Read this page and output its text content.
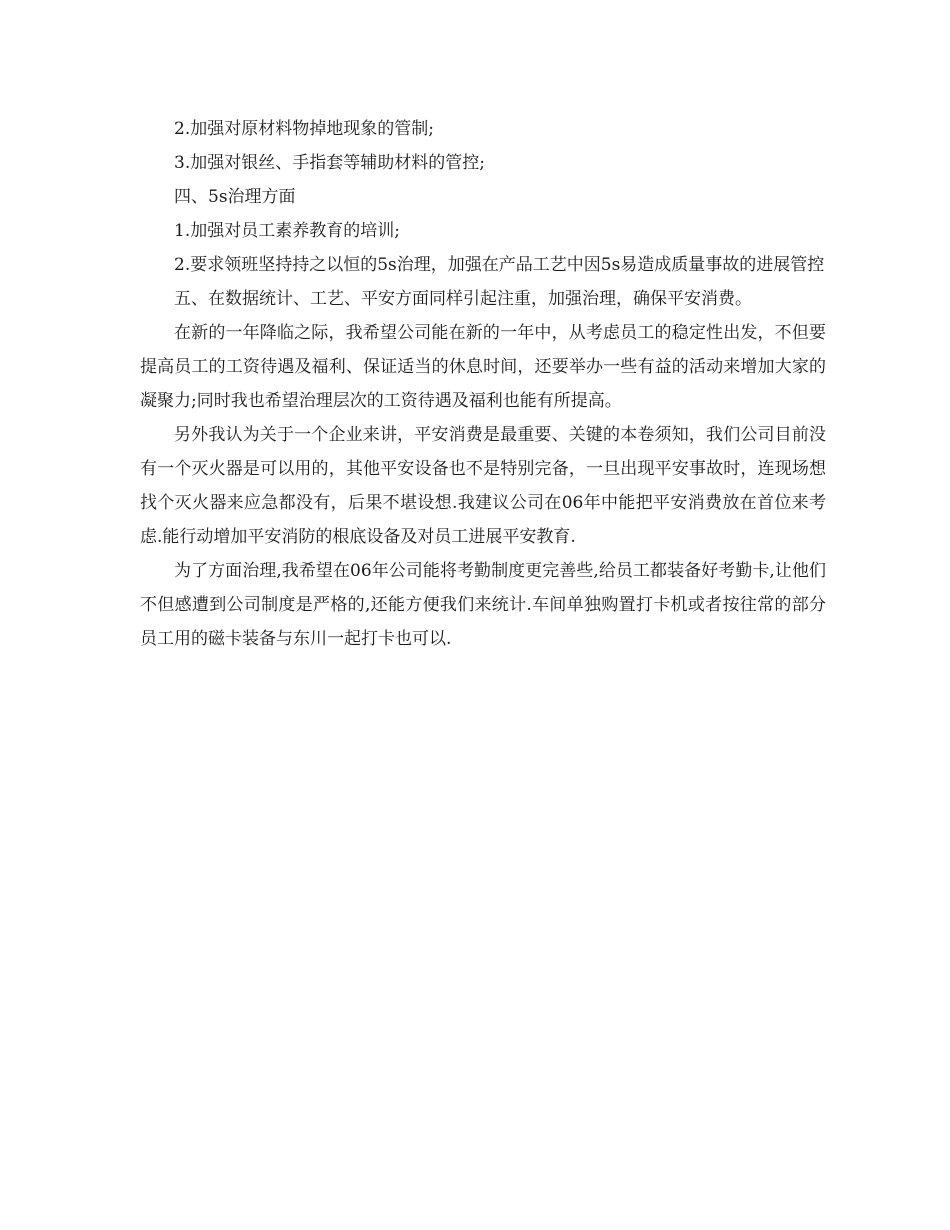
2.加强对原材料物掉地现象的管制;

3.加强对银丝、手指套等辅助材料的管控;

四、5s治理方面

1.加强对员工素养教育的培训;

2.要求领班坚持持之以恒的5s治理，加强在产品工艺中因5s易造成质量事故的进展管控

五、在数据统计、工艺、平安方面同样引起注重，加强治理，确保平安消费。

在新的一年降临之际，我希望公司能在新的一年中，从考虑员工的稳定性出发，不但要提高员工的工资待遇及福利、保证适当的休息时间，还要举办一些有益的活动来增加大家的凝聚力;同时我也希望治理层次的工资待遇及福利也能有所提高。

另外我认为关于一个企业来讲，平安消费是最重要、关键的本卷须知，我们公司目前没有一个灭火器是可以用的，其他平安设备也不是特别完备，一旦出现平安事故时，连现场想找个灭火器来应急都没有，后果不堪设想.我建议公司在06年中能把平安消费放在首位来考虑.能行动增加平安消防的根底设备及对员工进展平安教育.

为了方面治理,我希望在06年公司能将考勤制度更完善些,给员工都装备好考勤卡,让他们不但感遭到公司制度是严格的,还能方便我们来统计.车间单独购置打卡机或者按往常的部分员工用的磁卡装备与东川一起打卡也可以.
